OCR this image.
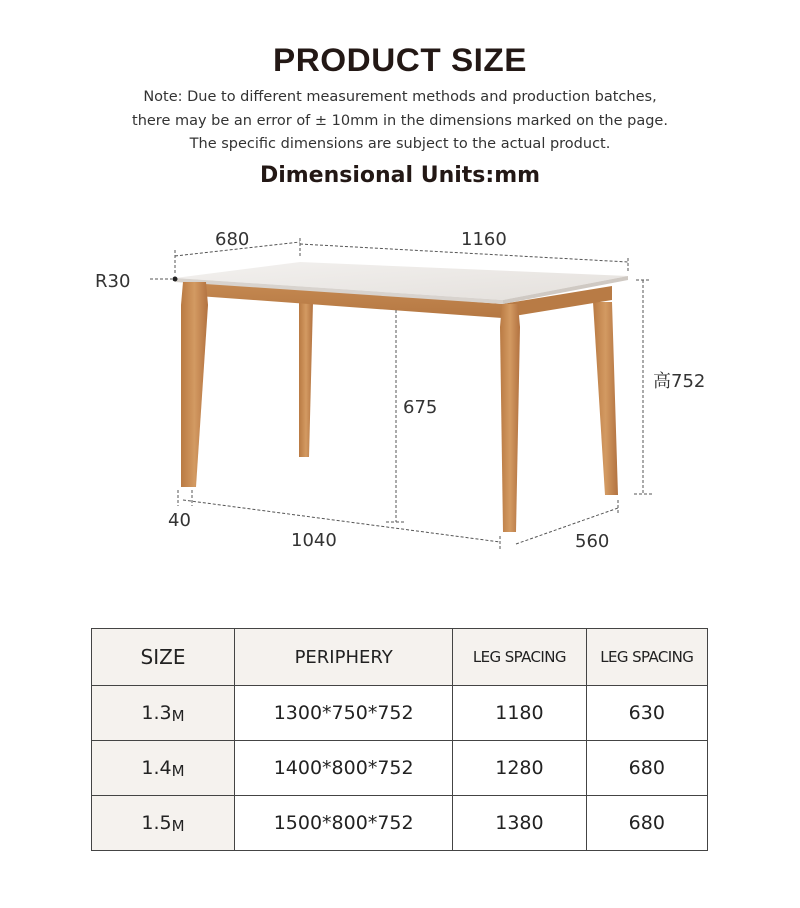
PRODUCT SIZE
Note: Due to different measurement methods and production batches,
there may be an error of ± 10mm in the dimensions marked on the page.
The specific dimensions are subject to the actual product.
Dimensional Units:mm
680	1160
R30
高752
675
40
1040	560
SIZE	PERIPHERY	LEG SPACING	LEG SPACING
1.3M	1300*750*752	1180	630
1.4M	1400*800*752	1280	680
1.5M	1500*800*752	1380	680
